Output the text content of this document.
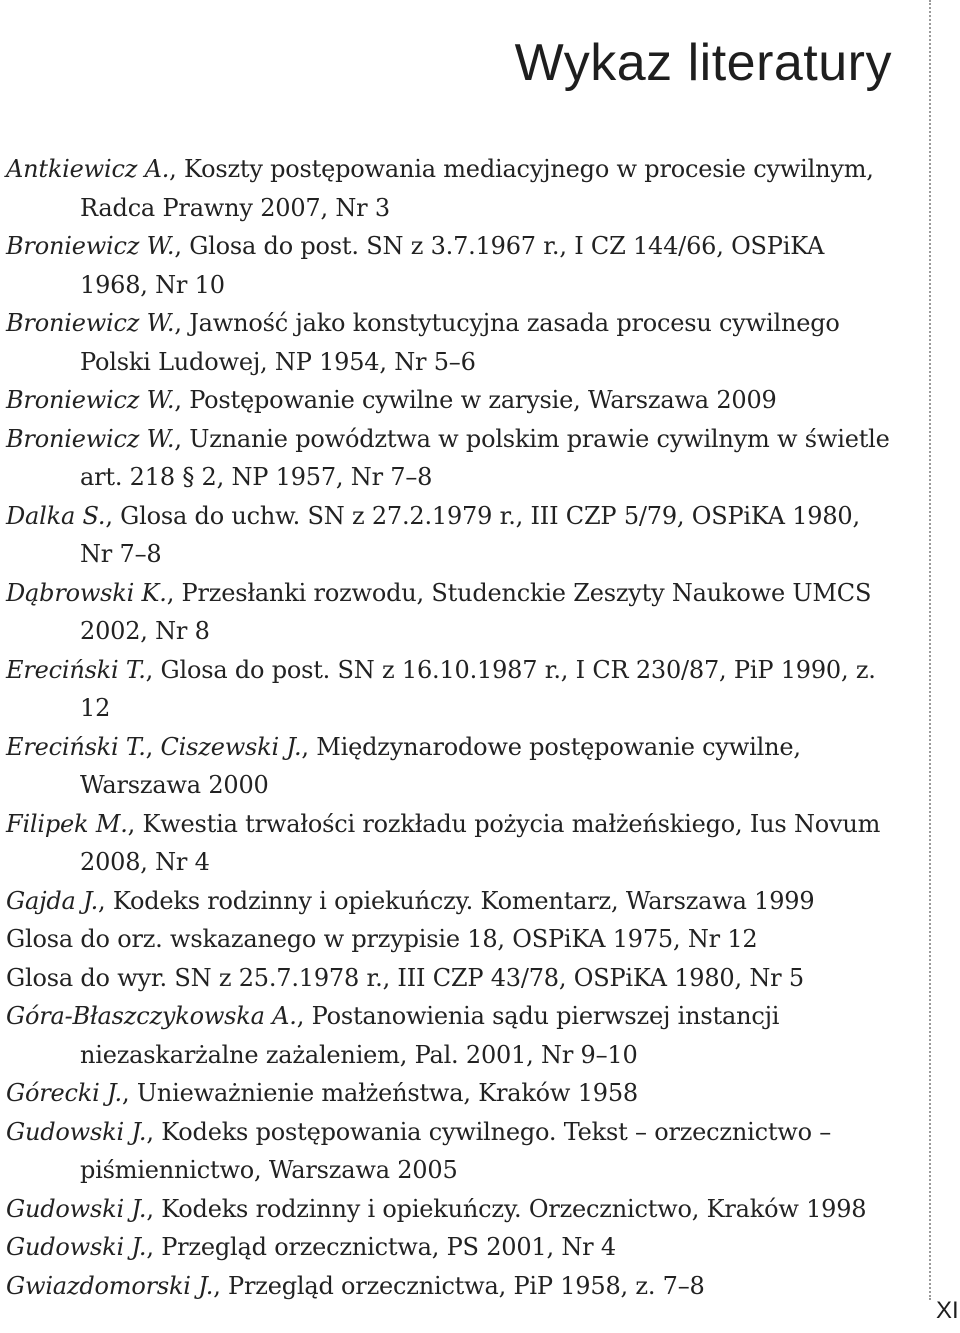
Wykaz literatury
Antkiewicz A., Koszty postępowania mediacyjnego w procesie cywilnym, Radca Prawny 2007, Nr 3
Broniewicz W., Glosa do post. SN z 3.7.1967 r., I CZ 144/66, OSPiKA 1968, Nr 10
Broniewicz W., Jawność jako konstytucyjna zasada procesu cywilnego Polski Ludowej, NP 1954, Nr 5–6
Broniewicz W., Postępowanie cywilne w zarysie, Warszawa 2009
Broniewicz W., Uznanie powództwa w polskim prawie cywilnym w świetle art. 218 § 2, NP 1957, Nr 7–8
Dalka S., Glosa do uchw. SN z 27.2.1979 r., III CZP 5/79, OSPiKA 1980, Nr 7–8
Dąbrowski K., Przesłanki rozwodu, Studenckie Zeszyty Naukowe UMCS 2002, Nr 8
Ereciński T., Glosa do post. SN z 16.10.1987 r., I CR 230/87, PiP 1990, z. 12
Ereciński T., Ciszewski J., Międzynarodowe postępowanie cywilne, Warszawa 2000
Filipek M., Kwestia trwałości rozkładu pożycia małżeńskiego, Ius Novum 2008, Nr 4
Gajda J., Kodeks rodzinny i opiekuńczy. Komentarz, Warszawa 1999
Glosa do orz. wskazanego w przypisie 18, OSPiKA 1975, Nr 12
Glosa do wyr. SN z 25.7.1978 r., III CZP 43/78, OSPiKA 1980, Nr 5
Góra-Błaszczykowska A., Postanowienia sądu pierwszej instancji niezaskarżalne zażaleniem, Pal. 2001, Nr 9–10
Górecki J., Unieważnienie małżeństwa, Kraków 1958
Gudowski J., Kodeks postępowania cywilnego. Tekst – orzecznictwo – piśmiennictwo, Warszawa 2005
Gudowski J., Kodeks rodzinny i opiekuńczy. Orzecznictwo, Kraków 1998
Gudowski J., Przegląd orzecznictwa, PS 2001, Nr 4
Gwiazdomorski J., Przegląd orzecznictwa, PiP 1958, z. 7–8
XI
